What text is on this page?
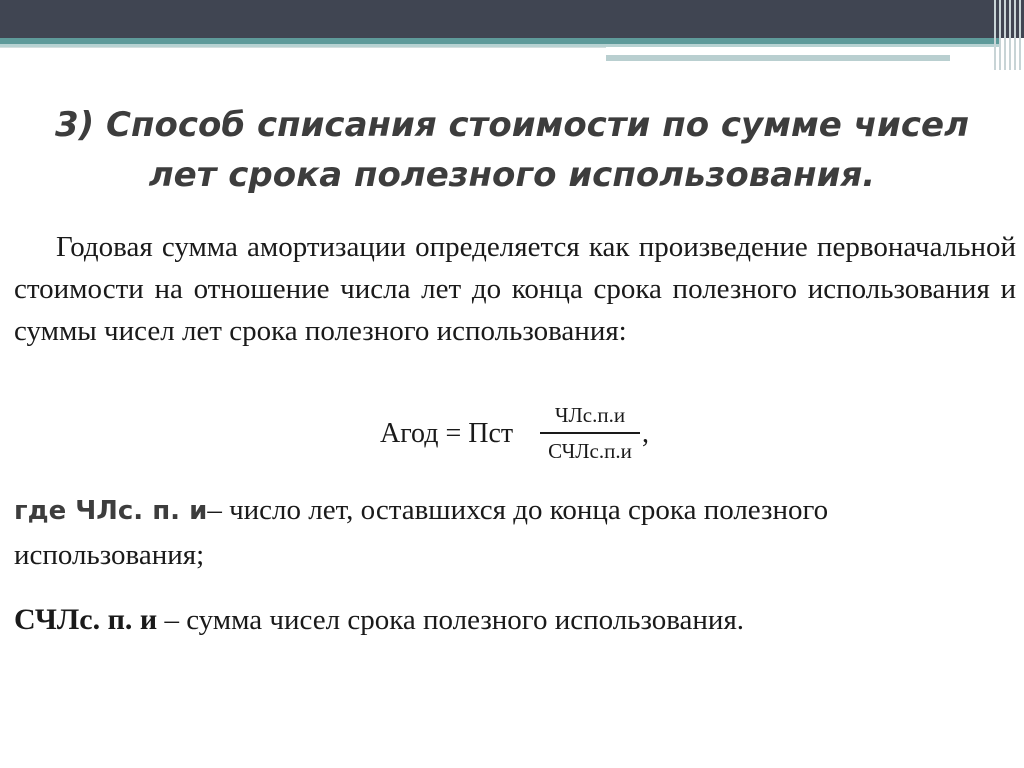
3) Способ списания стоимости по сумме чисел
лет срока полезного использования.

Годовая сумма амортизации определяется как произведение первоначальной стоимости на отношение числа лет до конца срока полезного использования и суммы чисел лет срока полезного использования:

Агод = Пст
ЧЛс.п.и
СЧЛс.п.и
,

где ЧЛс. п. и– число лет, оставшихся до конца срока полезного использования;

СЧЛс. п. и – сумма чисел срока полезного использования.
